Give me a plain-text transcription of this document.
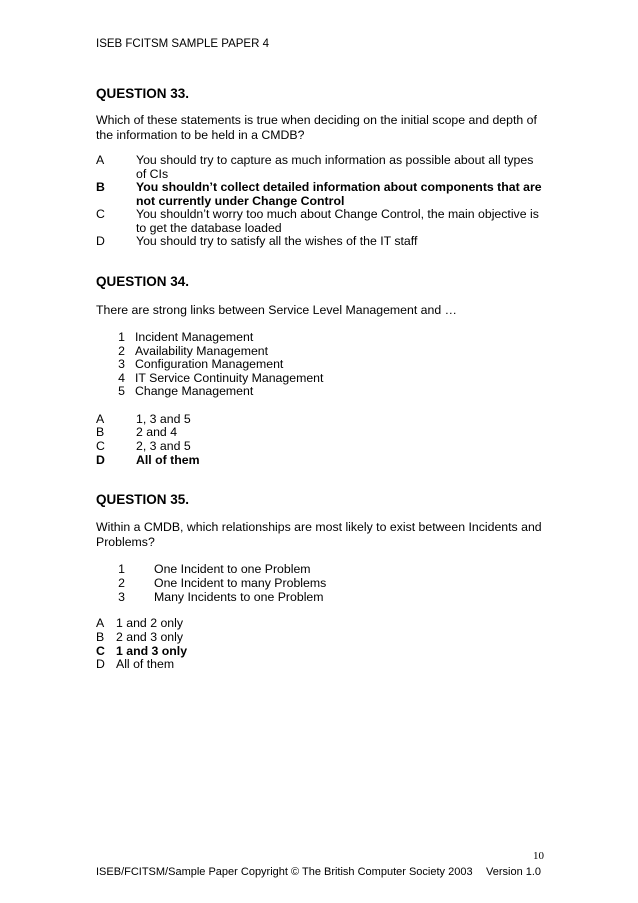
ISEB FCITSM SAMPLE PAPER 4
QUESTION 33.
Which of these statements is true when deciding on the initial scope and depth of the information to be held in a CMDB?
A	You should try to capture as much information as possible about all types of CIs
B	You shouldn’t collect detailed information about components that are not currently under Change Control
C	You shouldn’t worry too much about Change Control, the main objective is to get the database loaded
D	You should try to satisfy all the wishes of the IT staff
QUESTION 34.
There are strong links between Service Level Management and …
1 Incident Management
2 Availability Management
3 Configuration Management
4 IT Service Continuity Management
5 Change Management
A	1, 3 and 5
B	2 and 4
C	2, 3 and 5
D	All of them
QUESTION 35.
Within a CMDB, which relationships are most likely to exist between Incidents and Problems?
1 One Incident to one Problem
2 One Incident to many Problems
3 Many Incidents to one Problem
A 1 and 2 only
B 2 and 3 only
C 1 and 3 only
D All of them
10
ISEB/FCITSM/Sample Paper Copyright © The British Computer Society 2003 Version 1.0
